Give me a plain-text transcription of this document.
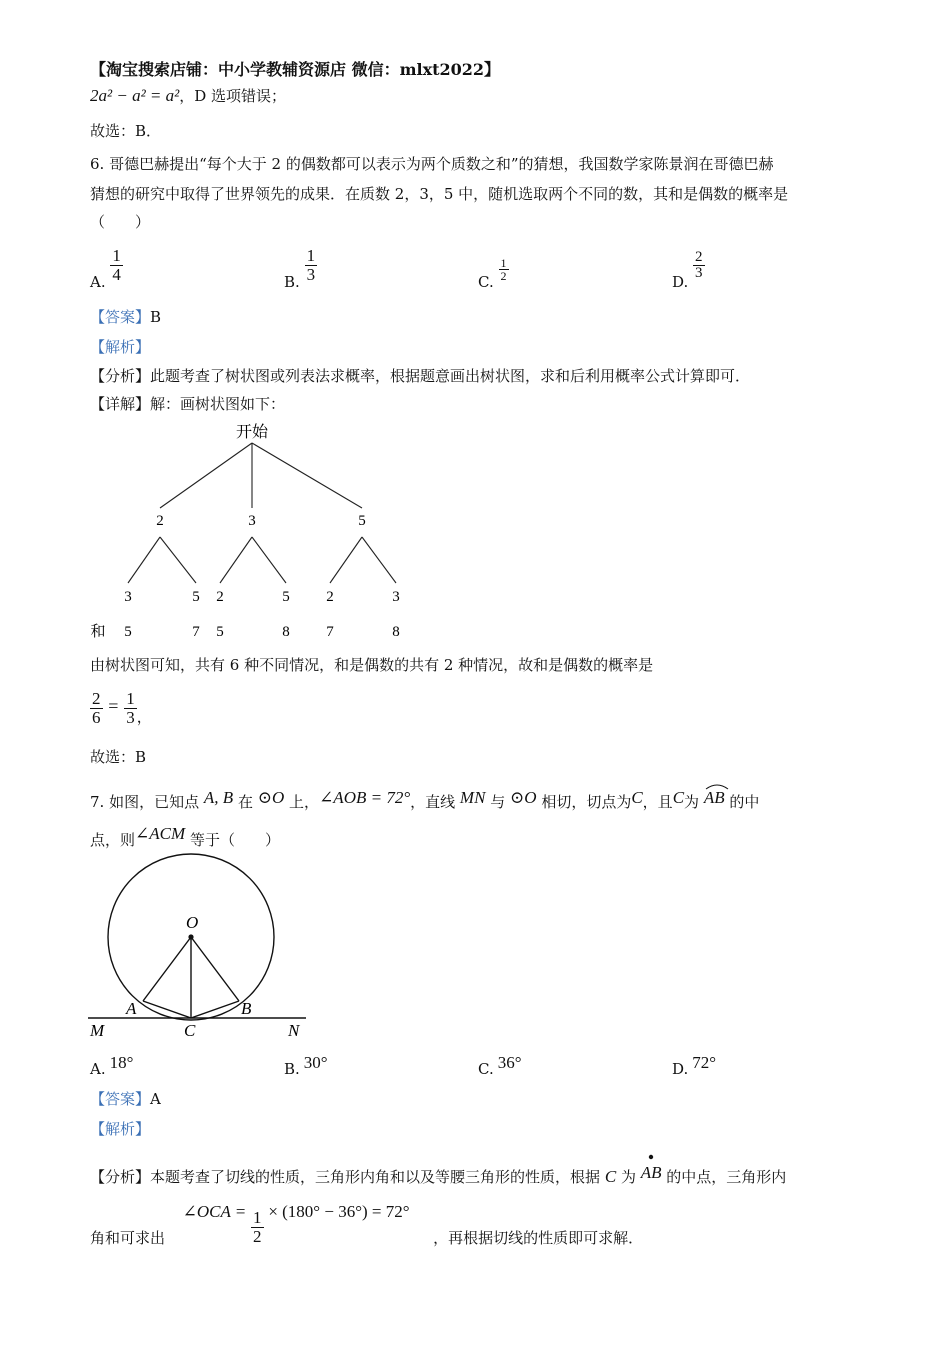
【淘宝搜索店铺：中小学教辅资源店 微信：mlxt2022】
2a² − a² = a²，D 选项错误；
故选：B．
6. 哥德巴赫提出“每个大于 2 的偶数都可以表示为两个质数之和”的猜想，我国数学家陈景润在哥德巴赫
猜想的研究中取得了世界领先的成果．在质数 2，3，5 中，随机选取两个不同的数，其和是偶数的概率是
（　　）
A. $\frac{1}{4}$	B. $\frac{1}{3}$	C. $\frac{1}{2}$	D.
$\frac{2}{3}$
【答案】B
【解析】
【分析】此题考查了树状图或列表法求概率，根据题意画出树状图，求和后利用概率公式计算即可．
【详解】解：画树状图如下：
开始
2	3	5
3	5 2	5 2	3
和 5	7 5	8 7	8
由树状图可知，共有 6 种不同情况，和是偶数的共有 2 种情况，故和是偶数的概率是
$\frac{2}{6} = \frac{1}{3}$ ，
故选：B
7. 如图，已知点 A, B 在 ⊙O 上，∠AOB = 72°，直线 MN 与 ⊙O 相切，切点为C，且C为 AB 的中
点，则∠ACM 等于（　　）
O
A	B
C
M	N
A. 18°	B. 30°	C. 36°	D. 72°
【答案】A
【解析】
【分析】本题考查了切线的性质，三角形内角和以及等腰三角形的性质，根据 C 为 AB 的中点，三角形内
角和可求出  ∠OCA = $\frac{1}{2} \times (180^\circ - 36^\circ) = 72^\circ$  ，再根据切线的性质即可求解．
